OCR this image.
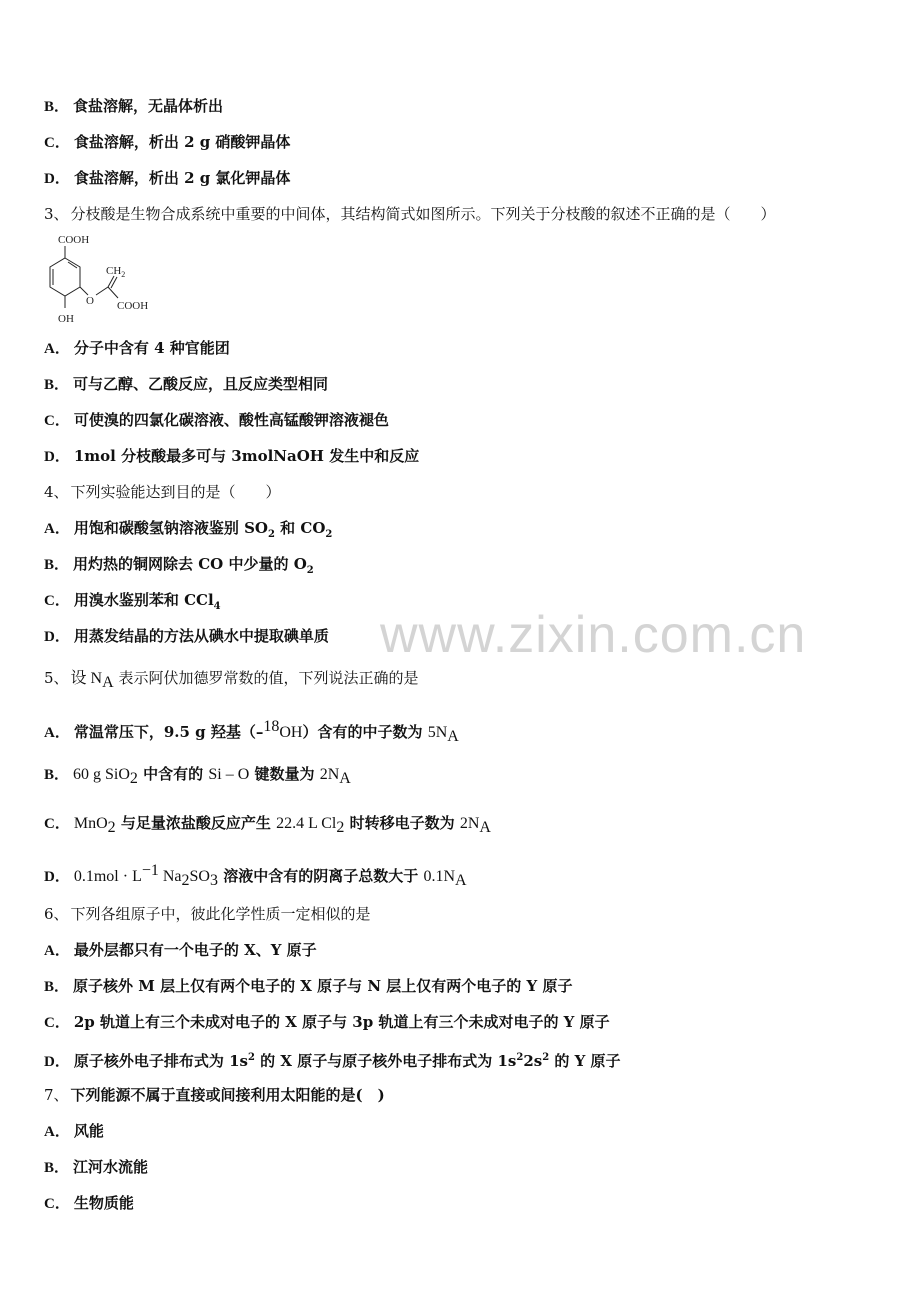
B． 食盐溶解，无晶体析出
C． 食盐溶解，析出 2 g 硝酸钾晶体
D． 食盐溶解，析出 2 g 氯化钾晶体
3、 分枝酸是生物合成系统中重要的中间体，其结构简式如图所示。下列关于分枝酸的叙述不正确的是（　　）
COOH
OH
O
$CH_2$
COOH
A． 分子中含有 4 种官能团
B． 可与乙醇、乙酸反应，且反应类型相同
C． 可使溴的四氯化碳溶液、酸性高锰酸钾溶液褪色
D． 1mol 分枝酸最多可与 3molNaOH 发生中和反应
4、 下列实验能达到目的是（　　）
A． 用饱和碳酸氢钠溶液鉴别 $SO_2$ 和 $CO_2$
B． 用灼热的铜网除去 CO 中少量的 $O_2$
C． 用溴水鉴别苯和 CCl$_4$
D． 用蒸发结晶的方法从碘水中提取碘单质 www.zixin.com.cn
5、 设 $N_A$ 表示阿伏加德罗常数的值，下列说法正确的是
A． 常温常压下，9.5 g 羟基（–$^{18}$OH）含有的中子数为 $5N_A$
B． 60 g SiO$_2$ 中含有的 Si – O 键数量为 $2N_A$
C． MnO$_2$ 与足量浓盐酸反应产生 22.4 L $Cl_2$ 时转移电子数为 $2N_A$
D． $0.1mol \cdot L^{-1}$ $Na_2SO_3$ 溶液中含有的阴离子总数大于 $0.1N_A$
6、 下列各组原子中，彼此化学性质一定相似的是
A． 最外层都只有一个电子的 X、Y 原子
B． 原子核外 M 层上仅有两个电子的 X 原子与 N 层上仅有两个电子的 Y 原子
C． 2p 轨道上有三个未成对电子的 X 原子与 3p 轨道上有三个未成对电子的 Y 原子
D． 原子核外电子排布式为 $1s^2$ 的 X 原子与原子核外电子排布式为 $1s^22s^2$ 的 Y 原子
7、 下列能源不属于直接或间接利用太阳能的是(　)
A． 风能
B． 江河水流能
C． 生物质能
